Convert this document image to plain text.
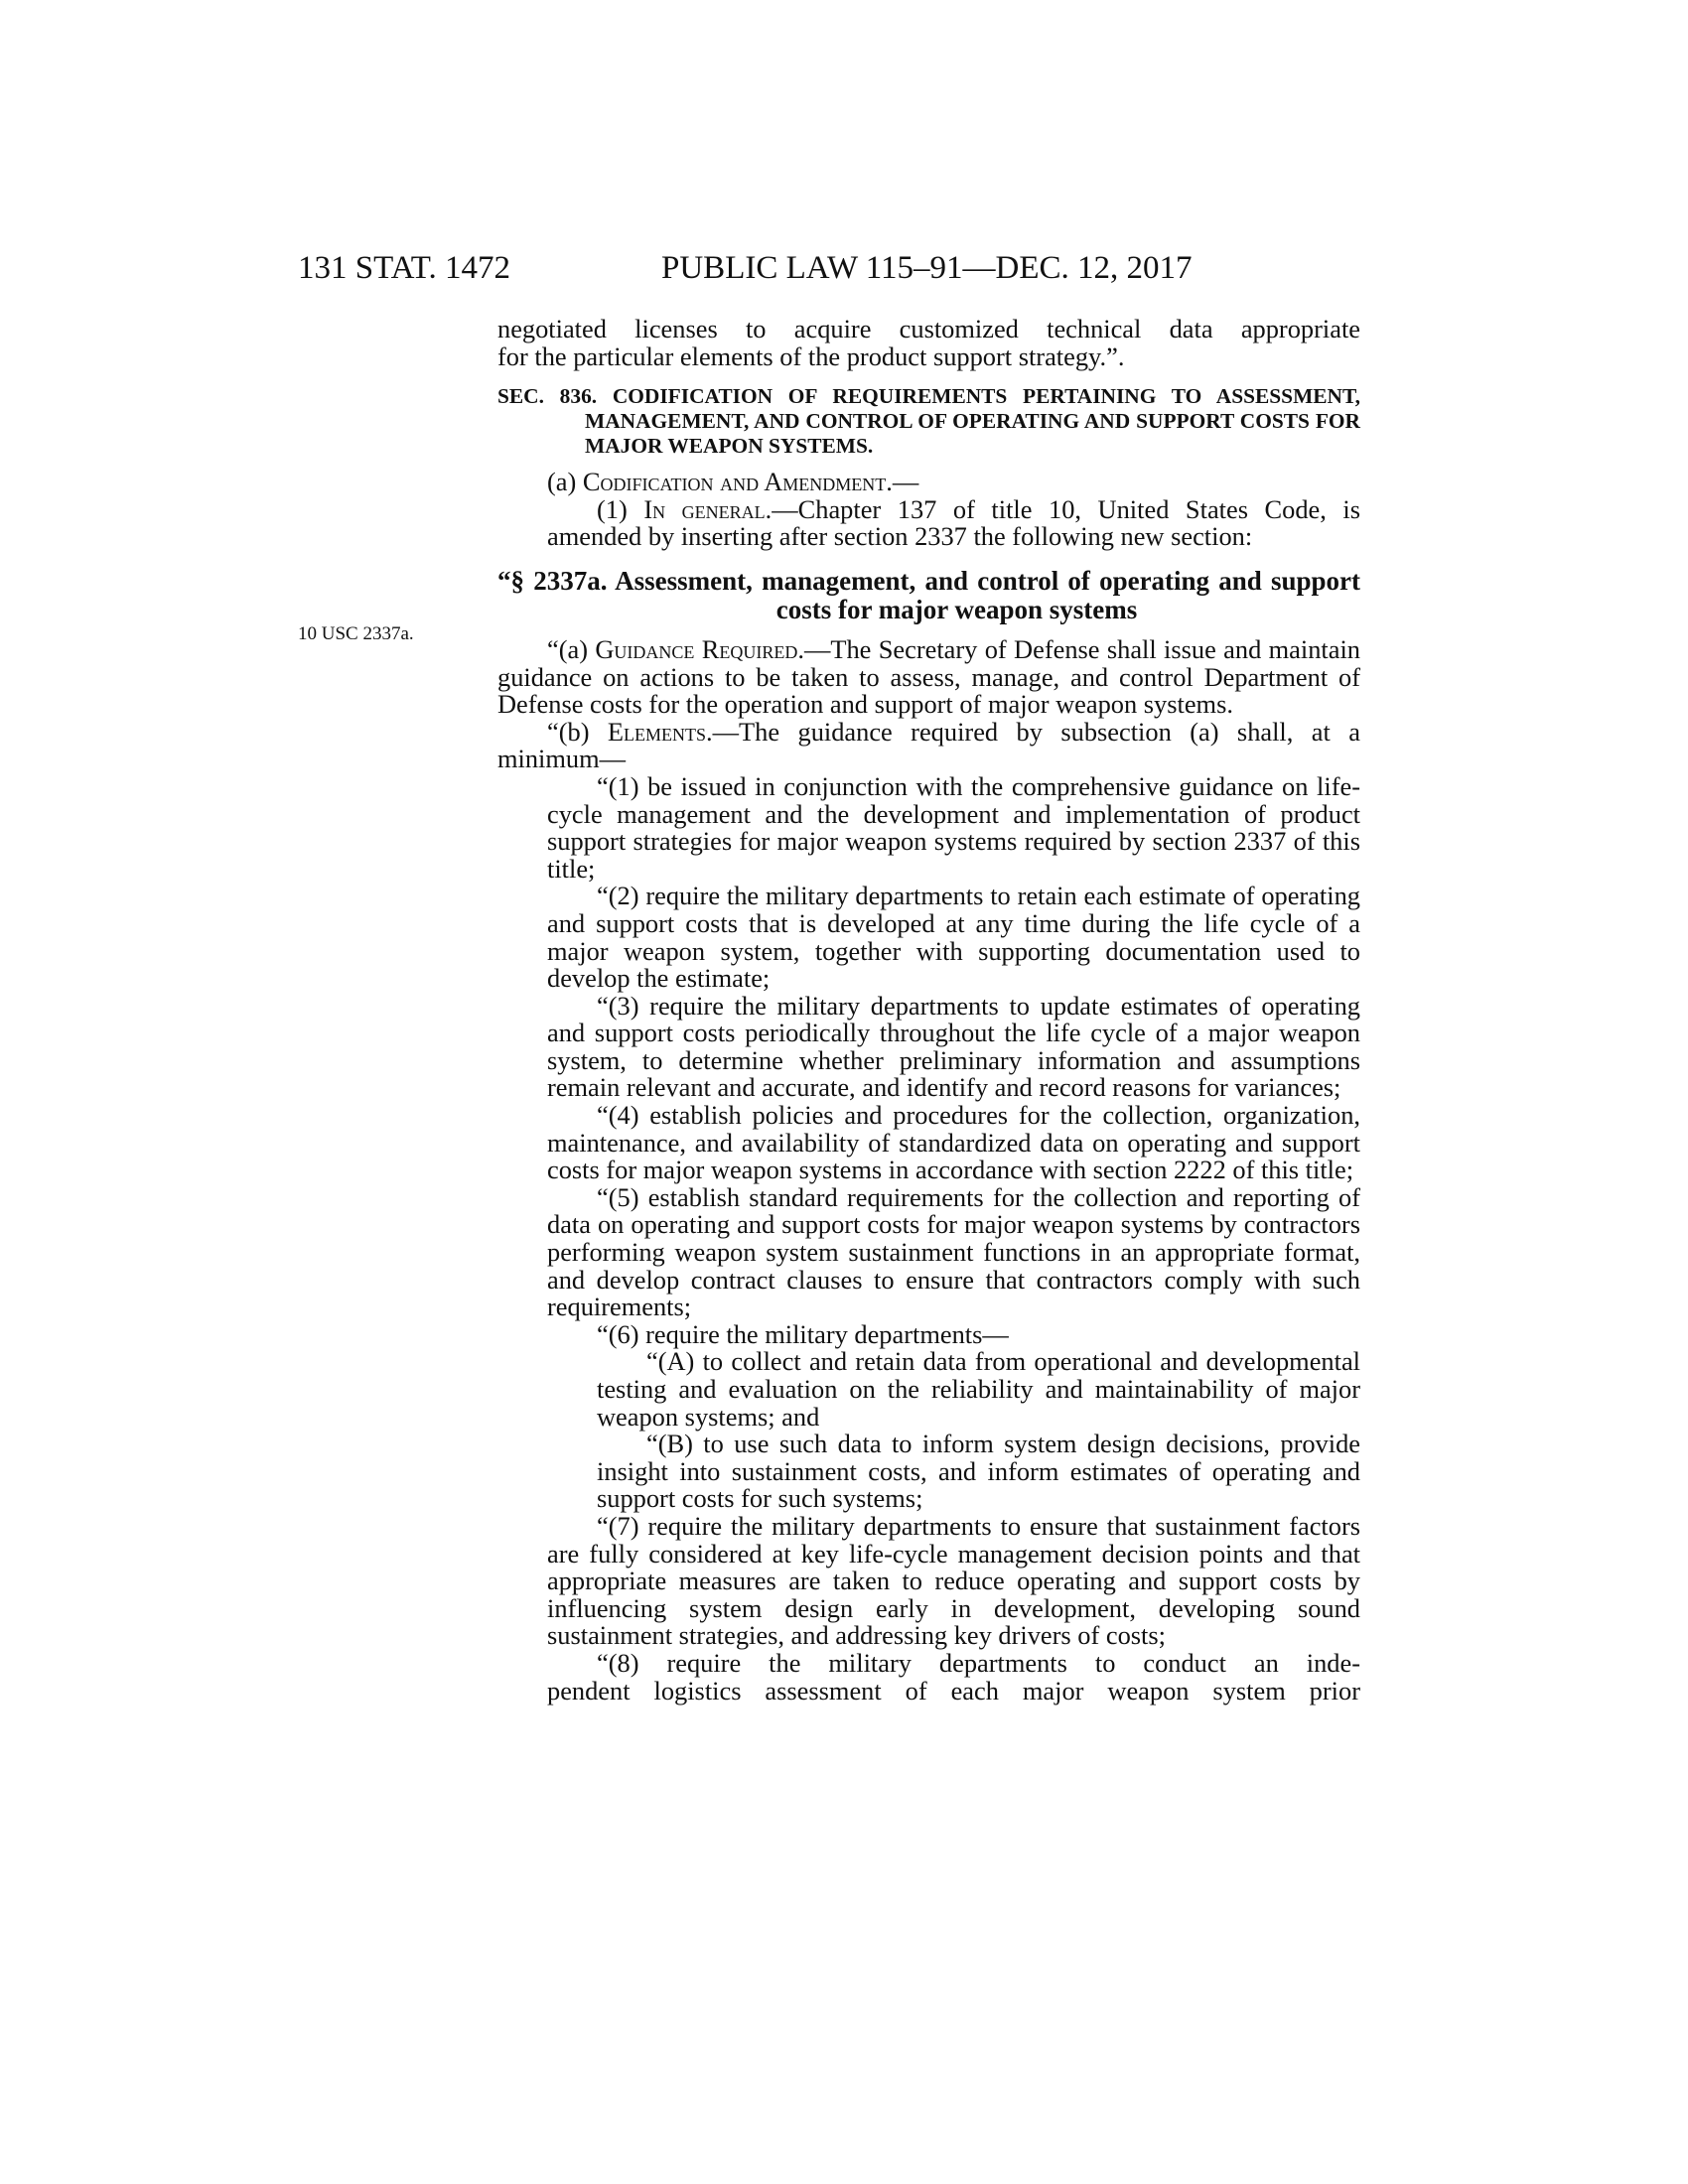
131 STAT. 1472	PUBLIC LAW 115–91—DEC. 12, 2017
10 USC 2337a.

negotiated licenses to acquire customized technical data appropriate

for the particular elements of the product support strategy.”.

SEC. 836. CODIFICATION OF REQUIREMENTS PERTAINING TO ASSESSMENT, MANAGEMENT, AND CONTROL OF OPERATING AND SUPPORT COSTS FOR MAJOR WEAPON SYSTEMS.

(a) Codification and Amendment.—

(1) In general.—Chapter 137 of title 10, United States Code, is amended by inserting after section 2337 the following new section:

“§ 2337a. Assessment, management, and control of operating and support costs for major weapon systems

“(a) Guidance Required.—The Secretary of Defense shall issue and maintain guidance on actions to be taken to assess, manage, and control Department of Defense costs for the operation and support of major weapon systems.

“(b) Elements.—The guidance required by subsection (a) shall, at a minimum—

“(1) be issued in conjunction with the comprehensive guidance on life-cycle management and the development and implementation of product support strategies for major weapon systems required by section 2337 of this title;

“(2) require the military departments to retain each estimate of operating and support costs that is developed at any time during the life cycle of a major weapon system, together with supporting documentation used to develop the estimate;

“(3) require the military departments to update estimates of operating and support costs periodically throughout the life cycle of a major weapon system, to determine whether preliminary information and assumptions remain relevant and accurate, and identify and record reasons for variances;

“(4) establish policies and procedures for the collection, organization, maintenance, and availability of standardized data on operating and support costs for major weapon systems in accordance with section 2222 of this title;

“(5) establish standard requirements for the collection and reporting of data on operating and support costs for major weapon systems by contractors performing weapon system sustainment functions in an appropriate format, and develop contract clauses to ensure that contractors comply with such requirements;

“(6) require the military departments—

“(A) to collect and retain data from operational and developmental testing and evaluation on the reliability and maintainability of major weapon systems; and

“(B) to use such data to inform system design decisions, provide insight into sustainment costs, and inform estimates of operating and support costs for such systems;

“(7) require the military departments to ensure that sustainment factors are fully considered at key life-cycle management decision points and that appropriate measures are taken to reduce operating and support costs by influencing system design early in development, developing sound sustainment strategies, and addressing key drivers of costs;

“(8) require the military departments to conduct an inde-

pendent logistics assessment of each major weapon system prior
